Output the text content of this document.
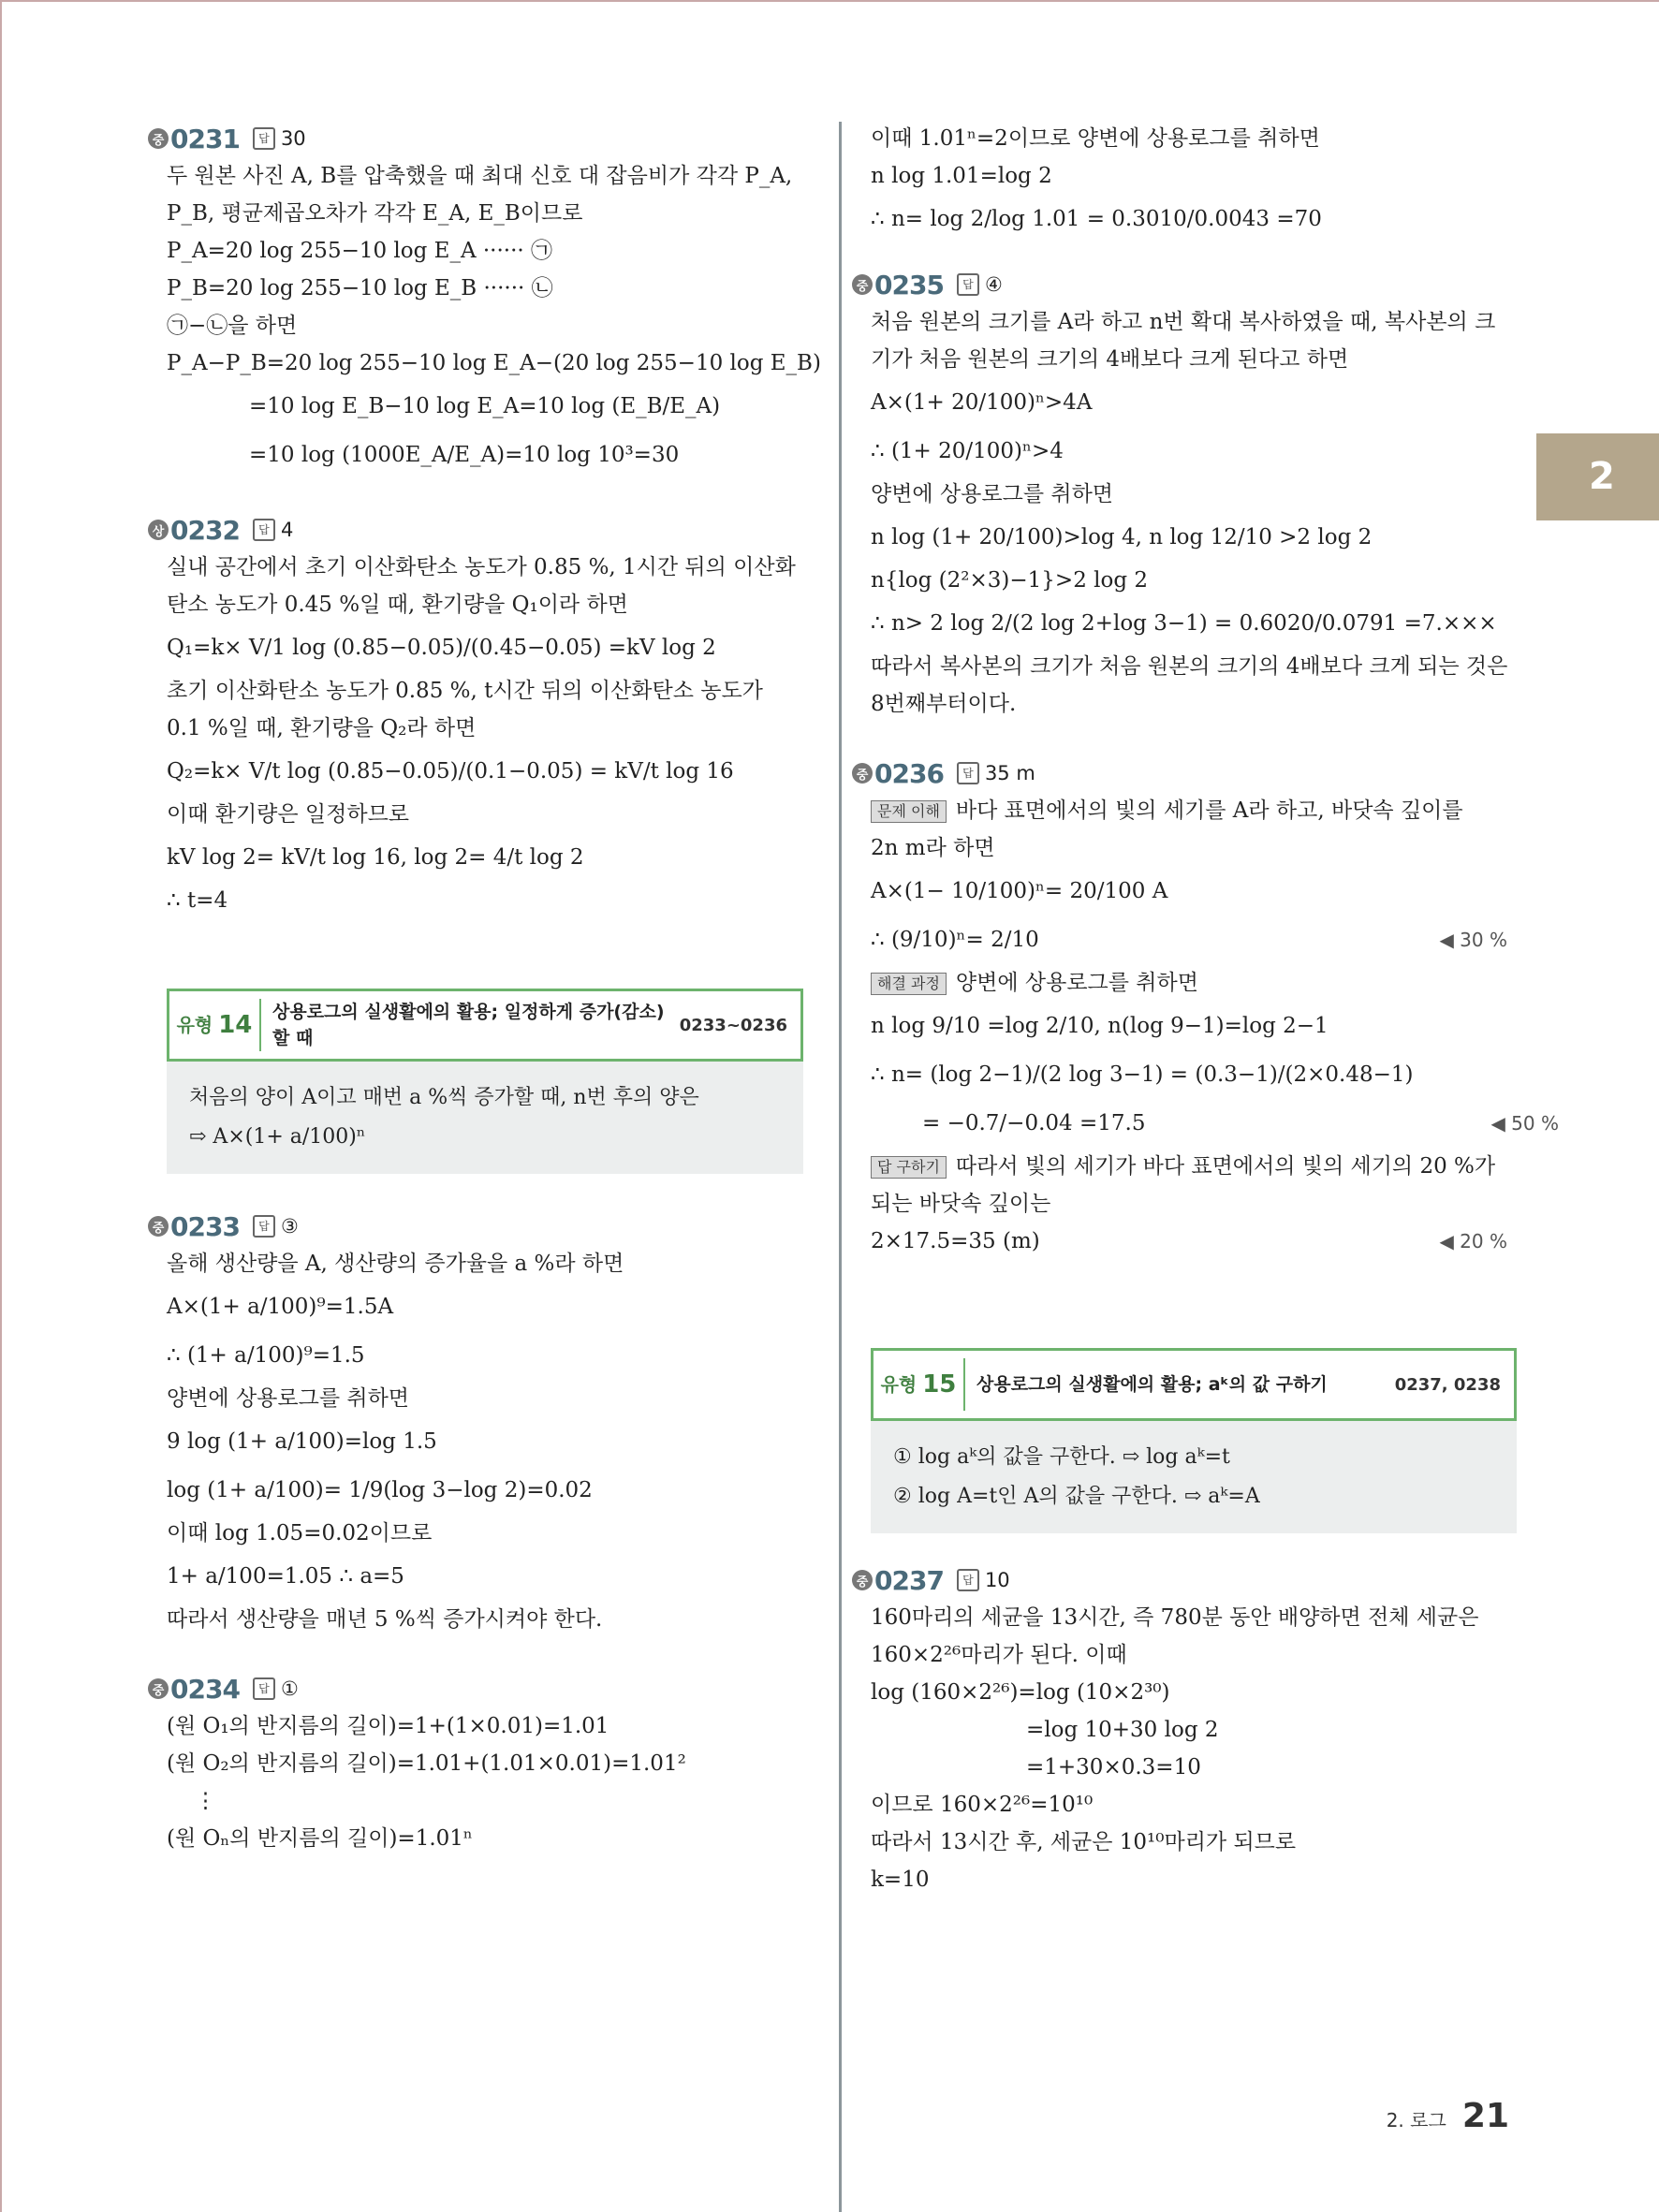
2
중 0231	답 30
두 원본 사진 A, B를 압축했을 때 최대 신호 대 잡음비가 각각 P_A,
P_B, 평균제곱오차가 각각 E_A, E_B이므로
P_A=20 log 255−10 log E_A ······ ㉠
P_B=20 log 255−10 log E_B ······ ㉡
㉠−㉡을 하면
P_A−P_B=20 log 255−10 log E_A−(20 log 255−10 log E_B)
=10 log E_B−10 log E_A=10 log (E_B/E_A)
=10 log (1000E_A/E_A)=10 log 10³=30
상 0232	답 4
실내 공간에서 초기 이산화탄소 농도가 0.85 %, 1시간 뒤의 이산화
탄소 농도가 0.45 %일 때, 환기량을 Q₁이라 하면
Q₁=k× V/1 log (0.85−0.05)/(0.45−0.05) =kV log 2
초기 이산화탄소 농도가 0.85 %, t시간 뒤의 이산화탄소 농도가
0.1 %일 때, 환기량을 Q₂라 하면
Q₂=k× V/t log (0.85−0.05)/(0.1−0.05) = kV/t log 16
이때 환기량은 일정하므로
kV log 2= kV/t log 16, log 2= 4/t log 2
∴ t=4
유형 14	상용로그의 실생활에의 활용; 일정하게 증가(감소)할 때
0233~0236
처음의 양이 A이고 매번 a %씩 증가할 때, n번 후의 양은
⇨ A×(1+ a/100)ⁿ
중 0233	답 ③
올해 생산량을 A, 생산량의 증가율을 a %라 하면
A×(1+ a/100)⁹=1.5A
∴ (1+ a/100)⁹=1.5
양변에 상용로그를 취하면
9 log (1+ a/100)=log 1.5
log (1+ a/100)= 1/9(log 3−log 2)=0.02
이때 log 1.05=0.02이므로
1+ a/100=1.05 ∴ a=5
따라서 생산량을 매년 5 %씩 증가시켜야 한다.
중 0234	답 ①
(원 O₁의 반지름의 길이)=1+(1×0.01)=1.01
(원 O₂의 반지름의 길이)=1.01+(1.01×0.01)=1.01²
⋮
(원 Oₙ의 반지름의 길이)=1.01ⁿ
이때 1.01ⁿ=2이므로 양변에 상용로그를 취하면
n log 1.01=log 2
∴ n= log 2/log 1.01 = 0.3010/0.0043 =70
중 0235	답 ④
처음 원본의 크기를 A라 하고 n번 확대 복사하였을 때, 복사본의 크
기가 처음 원본의 크기의 4배보다 크게 된다고 하면
A×(1+ 20/100)ⁿ>4A
∴ (1+ 20/100)ⁿ>4
양변에 상용로그를 취하면
n log (1+ 20/100)>log 4, n log 12/10 >2 log 2
n{log (2²×3)−1}>2 log 2
∴ n> 2 log 2/(2 log 2+log 3−1) = 0.6020/0.0791 =7.×××
따라서 복사본의 크기가 처음 원본의 크기의 4배보다 크게 되는 것은
8번째부터이다.
중 0236	답 35 m
문제 이해 바다 표면에서의 빛의 세기를 A라 하고, 바닷속 깊이를
2n m라 하면
A×(1− 10/100)ⁿ= 20/100 A
∴ (9/10)ⁿ= 2/10	◀ 30 %
해결 과정 양변에 상용로그를 취하면
n log 9/10 =log 2/10, n(log 9−1)=log 2−1
∴ n= (log 2−1)/(2 log 3−1) = (0.3−1)/(2×0.48−1)
= −0.7/−0.04 =17.5	◀ 50 %
답 구하기 따라서 빛의 세기가 바다 표면에서의 빛의 세기의 20 %가
되는 바닷속 깊이는
2×17.5=35 (m)	◀ 20 %
유형 15	상용로그의 실생활에의 활용; aᵏ의 값 구하기	0237, 0238
① log aᵏ의 값을 구한다. ⇨ log aᵏ=t
② log A=t인 A의 값을 구한다. ⇨ aᵏ=A
중 0237	답 10
160마리의 세균을 13시간, 즉 780분 동안 배양하면 전체 세균은
160×2²⁶마리가 된다. 이때
log (160×2²⁶)=log (10×2³⁰)
=log 10+30 log 2
=1+30×0.3=10
이므로 160×2²⁶=10¹⁰
따라서 13시간 후, 세균은 10¹⁰마리가 되므로
k=10
2. 로그 21
